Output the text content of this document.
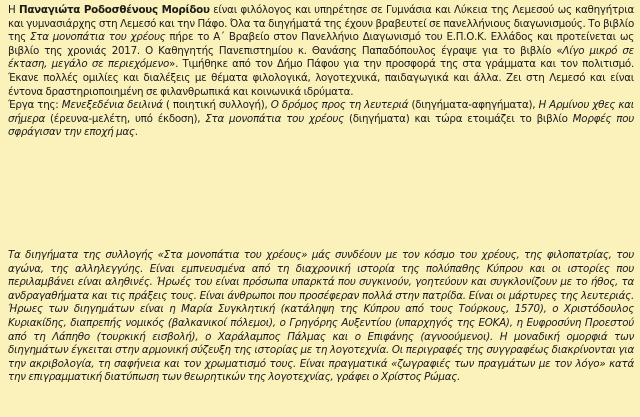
Η Παναγιώτα Ροδοσθένους Μορίδου είναι φιλόλογος και υπηρέτησε σε Γυμνάσια και Λύκεια της Λεμεσού ως καθηγήτρια και γυμνασιάρχης στη Λεμεσό και την Πάφο. Όλα τα διηγήματά της έχουν βραβευτεί σε πανελλήνιους διαγωνισμούς. Το βιβλίο της Στα μονοπάτια του χρέους πήρε το Α΄ Βραβείο στον Πανελλήνιο Διαγωνισμό του Ε.Π.Ο.Κ. Ελλάδος και προτείνεται ως βιβλίο της χρονιάς 2017. Ο Καθηγητής Πανεπιστημίου κ. Θανάσης Παπαδόπουλος έγραψε για το βιβλίο «Λίγο μικρό σε έκταση, μεγάλο σε περιεχόμενο». Τιμήθηκε από τον Δήμο Πάφου για την προσφορά της στα γράμματα και τον πολιτισμό. Έκανε πολλές ομιλίες και διαλέξεις με θέματα φιλολογικά, λογοτεχνικά, παιδαγωγικά και άλλα. Ζει στη Λεμεσό και είναι έντονα δραστηριοποιημένη σε φιλανθρωπικά και κοινωνικά ιδρύματα.

Έργα της: Μενεξεδένια δειλινά ( ποιητική συλλογή), Ο δρόμος προς τη λευτεριά (διηγήματα-αφηγήματα), Η Αρμίνου χθες και σήμερα (έρευνα-μελέτη, υπό έκδοση), Στα μονοπάτια του χρέους (διηγήματα) και τώρα ετοιμάζει το βιβλίο Μορφές που σφράγισαν την εποχή μας.

Τα διηγήματα της συλλογής «Στα μονοπάτια του χρέους» μάς συνδέουν με τον κόσμο του χρέους, της φιλοπατρίας, του αγώνα, της αλληλεγγύης. Είναι εμπνευσμένα από τη διαχρονική ιστορία της πολύπαθης Κύπρου και οι ιστορίες που περιλαμβάνει είναι αληθινές. Ήρωές του είναι πρόσωπα υπαρκτά που συγκινούν, γοητεύουν και συγκλονίζουν με το ήθος, τα ανδραγαθήματα και τις πράξεις τους. Είναι άνθρωποι που προσέφεραν πολλά στην πατρίδα. Είναι οι μάρτυρες της λευτεριάς. Ήρωες των διηγημάτων είναι η Μαρία Συγκλητική (κατάληψη της Κύπρου από τους Τούρκους, 1570), ο Χριστόδουλος Κυριακίδης, διαπρεπής νομικός (βαλκανικοί πόλεμοι), ο Γρηγόρης Αυξεντίου (υπαρχηγός της ΕΟΚΑ), η Ευφροσύνη Προεστού από τη Λάπηθο (τουρκική εισβολή), ο Χαράλαμπος Πάλμας και ο Επιφάνης (αγνοούμενοι). Η μοναδική ομορφιά των διηγημάτων έγκειται στην αρμονική σύζευξη της ιστορίας με τη λογοτεχνία. Οι περιγραφές της συγγραφέως διακρίνονται για την ακριβολογία, τη σαφήνεια και τον χρωματισμό τους. Είναι πραγματικά «ζωγραφιές των πραγμάτων με τον λόγο» κατά την επιγραμματική διατύπωση των θεωρητικών της λογοτεχνίας, γράφει ο Χρίστος Ρώμας.
